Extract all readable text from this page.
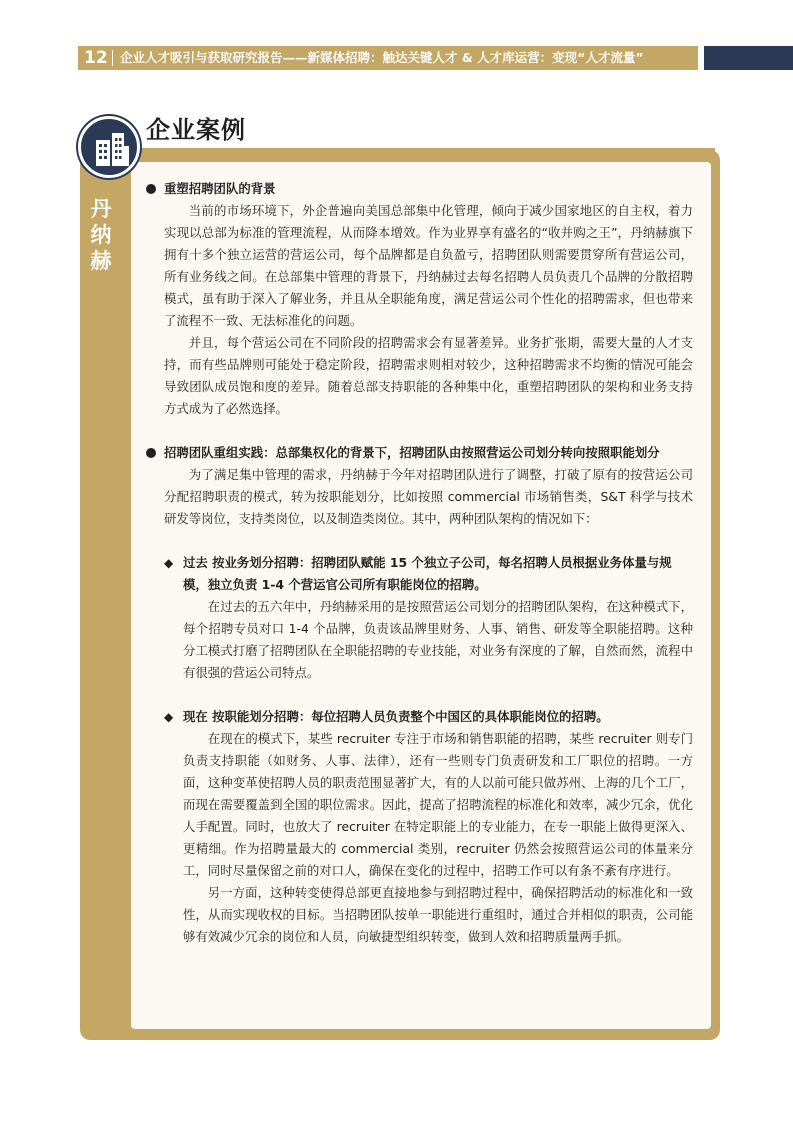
12 企业人才吸引与获取研究报告——新媒体招聘：触达关键人才 & 人才库运营：变现“人才流量”
企业案例
丹
纳
赫
重塑招聘团队的背景
当前的市场环境下，外企普遍向美国总部集中化管理，倾向于减少国家地区的自主权，着力实现以总部为标准的管理流程，从而降本增效。作为业界享有盛名的“收并购之王”，丹纳赫旗下拥有十多个独立运营的营运公司，每个品牌都是自负盈亏，招聘团队则需要贯穿所有营运公司，所有业务线之间。在总部集中管理的背景下，丹纳赫过去每名招聘人员负责几个品牌的分散招聘模式，虽有助于深入了解业务，并且从全职能角度，满足营运公司个性化的招聘需求，但也带来了流程不一致、无法标准化的问题。
并且，每个营运公司在不同阶段的招聘需求会有显著差异。业务扩张期，需要大量的人才支持，而有些品牌则可能处于稳定阶段，招聘需求则相对较少，这种招聘需求不均衡的情况可能会导致团队成员饱和度的差异。随着总部支持职能的各种集中化，重塑招聘团队的架构和业务支持方式成为了必然选择。
招聘团队重组实践：总部集权化的背景下，招聘团队由按照营运公司划分转向按照职能划分
为了满足集中管理的需求，丹纳赫于今年对招聘团队进行了调整，打破了原有的按营运公司分配招聘职责的模式，转为按职能划分，比如按照 commercial 市场销售类，S&T 科学与技术研发等岗位，支持类岗位，以及制造类岗位。其中，两种团队架构的情况如下：
◆ 过去 按业务划分招聘：招聘团队赋能 15 个独立子公司，每名招聘人员根据业务体量与规模，独立负责 1-4 个营运官公司所有职能岗位的招聘。
在过去的五六年中，丹纳赫采用的是按照营运公司划分的招聘团队架构，在这种模式下，每个招聘专员对口 1-4 个品牌，负责该品牌里财务、人事、销售、研发等全职能招聘。这种分工模式打磨了招聘团队在全职能招聘的专业技能，对业务有深度的了解，自然而然，流程中有很强的营运公司特点。
◆ 现在 按职能划分招聘：每位招聘人员负责整个中国区的具体职能岗位的招聘。
在现在的模式下，某些 recruiter 专注于市场和销售职能的招聘，某些 recruiter 则专门负责支持职能（如财务、人事、法律），还有一些则专门负责研发和工厂职位的招聘。一方面，这种变革使招聘人员的职责范围显著扩大，有的人以前可能只做苏州、上海的几个工厂，而现在需要覆盖到全国的职位需求。因此，提高了招聘流程的标准化和效率，减少冗余，优化人手配置。同时，也放大了 recruiter 在特定职能上的专业能力，在专一职能上做得更深入、更精细。作为招聘量最大的 commercial 类别，recruiter 仍然会按照营运公司的体量来分工，同时尽量保留之前的对口人，确保在变化的过程中，招聘工作可以有条不紊有序进行。
另一方面，这种转变使得总部更直接地参与到招聘过程中，确保招聘活动的标准化和一致性，从而实现收权的目标。当招聘团队按单一职能进行重组时，通过合并相似的职责，公司能够有效减少冗余的岗位和人员，向敏捷型组织转变，做到人效和招聘质量两手抓。
